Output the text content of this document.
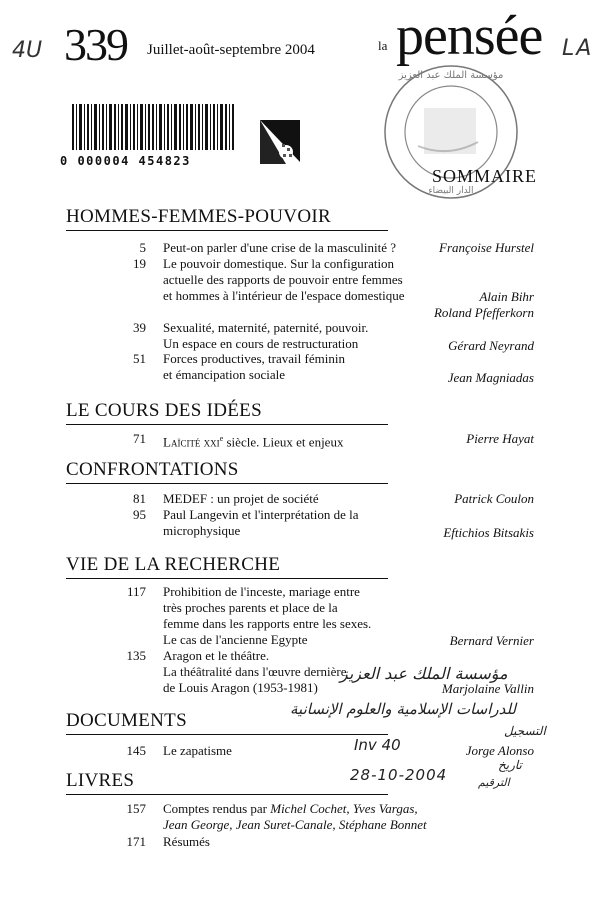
4U 339 Juillet-août-septembre 2004	la pensée LA
0 000004 454823
مؤسسة الملك عبد العزيز
الدار البيضاء
SOMMAIRE
HOMMES-FEMMES-POUVOIR
5 Peut-on parler d'une crise de la masculinité ?	Françoise Hurstel
19 Le pouvoir domestique. Sur la configuration
actuelle des rapports de pouvoir entre femmes
et hommes à l'intérieur de l'espace domestique	Alain Bihr
Roland Pfefferkorn
39 Sexualité, maternité, paternité, pouvoir.
Un espace en cours de restructuration	Gérard Neyrand
51 Forces productives, travail féminin
et émancipation sociale	Jean Magniadas
LE COURS DES IDÉES
71 Laïcité xxi$^e$ siècle. Lieux et enjeux	Pierre Hayat
CONFRONTATIONS
81 MEDEF : un projet de société	Patrick Coulon
95 Paul Langevin et l'interprétation de la
microphysique	Eftichios Bitsakis
VIE DE LA RECHERCHE
117 Prohibition de l'inceste, mariage entre
très proches parents et place de la
femme dans les rapports entre les sexes.
Le cas de l'ancienne Egypte	Bernard Vernier
135 Aragon et le théâtre.
La théâtralité dans l'œuvre dernière
de Louis Aragon (1953-1981)	Marjolaine Vallin
DOCUMENTS
145 Le zapatisme	Jorge Alonso
LIVRES
157 Comptes rendus par Michel Cochet, Yves Vargas,
Jean George, Jean Suret-Canale, Stéphane Bonnet
171 Résumés
مؤسسة الملك عبد العزيز
للدراسات الإسلامية والعلوم الإنسانية
التسجيل
Inv 40
تاريخ
28-10-2004	الترقيم
